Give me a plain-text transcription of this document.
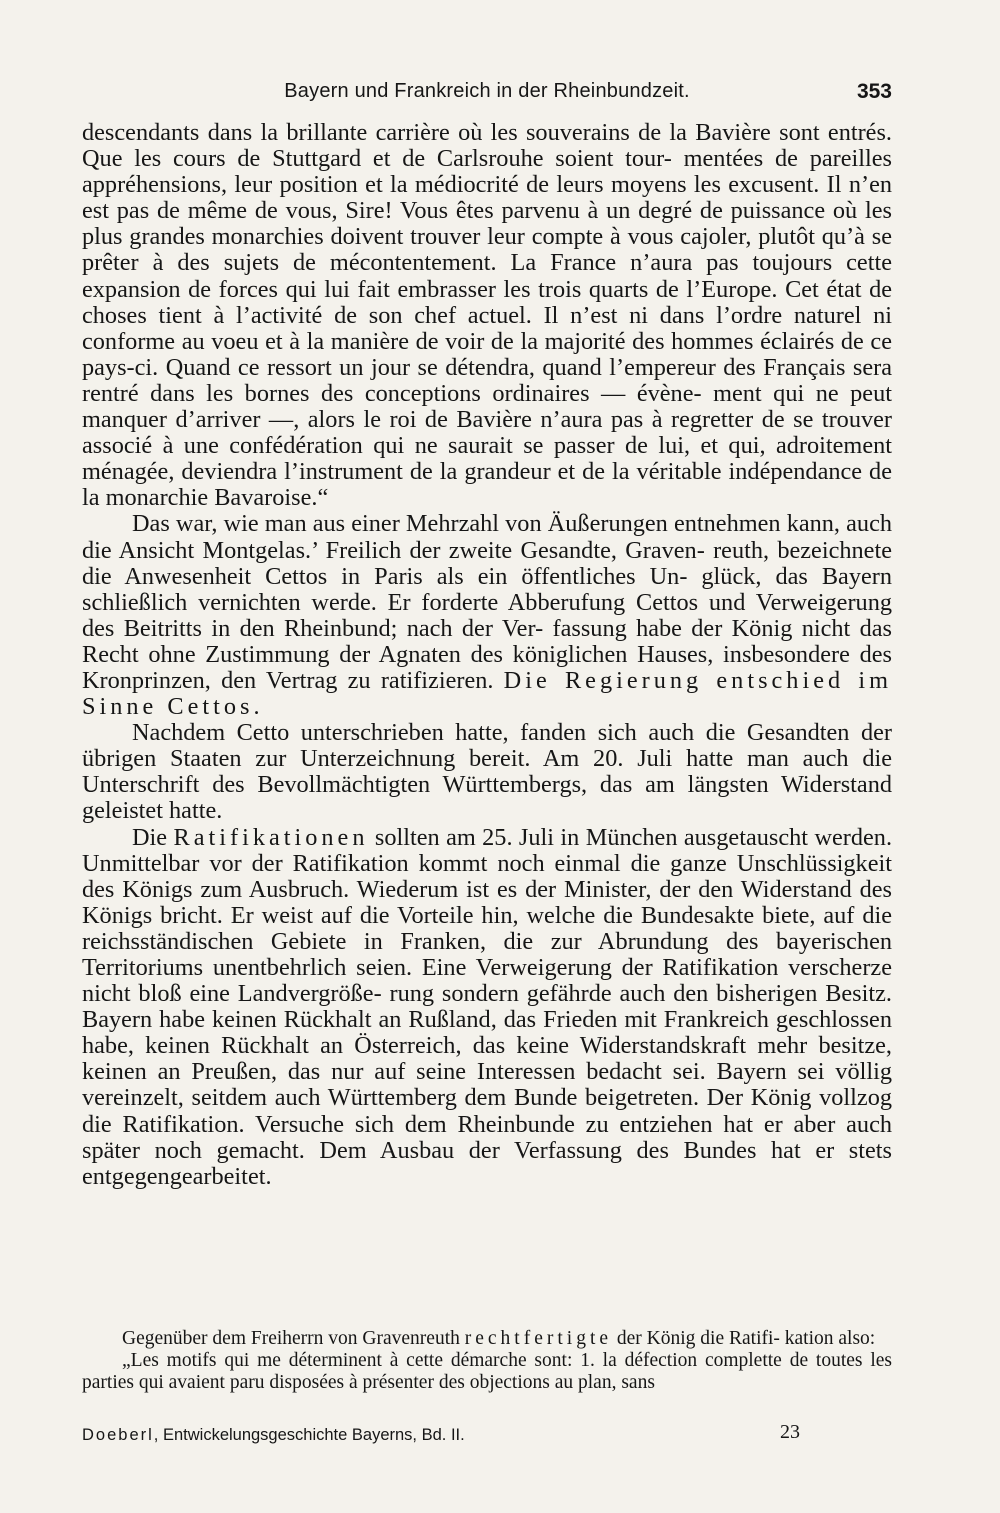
Bayern und Frankreich in der Rheinbundzeit.	353

descendants dans la brillante carrière où les souverains de la Bavière sont entrés. Que les cours de Stuttgard et de Carlsrouhe soient tour- mentées de pareilles appréhensions, leur position et la médiocrité de leurs moyens les excusent. Il n’en est pas de même de vous, Sire! Vous êtes parvenu à un degré de puissance où les plus grandes monarchies doivent trouver leur compte à vous cajoler, plutôt qu’à se prêter à des sujets de mécontentement. La France n’aura pas toujours cette expansion de forces qui lui fait embrasser les trois quarts de l’Europe. Cet état de choses tient à l’activité de son chef actuel. Il n’est ni dans l’ordre naturel ni conforme au voeu et à la manière de voir de la majorité des hommes éclairés de ce pays-ci. Quand ce ressort un jour se détendra, quand l’empereur des Français sera rentré dans les bornes des conceptions ordinaires — évène- ment qui ne peut manquer d’arriver —, alors le roi de Bavière n’aura pas à regretter de se trouver associé à une confédération qui ne saurait se passer de lui, et qui, adroitement ménagée, deviendra l’instrument de la grandeur et de la véritable indépendance de la monarchie Bavaroise.“

Das war, wie man aus einer Mehrzahl von Äußerungen entnehmen kann, auch die Ansicht Montgelas.’ Freilich der zweite Gesandte, Graven- reuth, bezeichnete die Anwesenheit Cettos in Paris als ein öffentliches Un- glück, das Bayern schließlich vernichten werde. Er forderte Abberufung Cettos und Verweigerung des Beitritts in den Rheinbund; nach der Ver- fassung habe der König nicht das Recht ohne Zustimmung der Agnaten des königlichen Hauses, insbesondere des Kronprinzen, den Vertrag zu ratifizieren. Die Regierung entschied im Sinne Cettos.

Nachdem Cetto unterschrieben hatte, fanden sich auch die Gesandten der übrigen Staaten zur Unterzeichnung bereit. Am 20. Juli hatte man auch die Unterschrift des Bevollmächtigten Württembergs, das am längsten Widerstand geleistet hatte.

Die Ratifikationen sollten am 25. Juli in München ausgetauscht werden. Unmittelbar vor der Ratifikation kommt noch einmal die ganze Unschlüssigkeit des Königs zum Ausbruch. Wiederum ist es der Minister, der den Widerstand des Königs bricht. Er weist auf die Vorteile hin, welche die Bundesakte biete, auf die reichsständischen Gebiete in Franken, die zur Abrundung des bayerischen Territoriums unentbehrlich seien. Eine Verweigerung der Ratifikation verscherze nicht bloß eine Landvergröße- rung sondern gefährde auch den bisherigen Besitz. Bayern habe keinen Rückhalt an Rußland, das Frieden mit Frankreich geschlossen habe, keinen Rückhalt an Österreich, das keine Widerstandskraft mehr besitze, keinen an Preußen, das nur auf seine Interessen bedacht sei. Bayern sei völlig vereinzelt, seitdem auch Württemberg dem Bunde beigetreten. Der König vollzog die Ratifikation. Versuche sich dem Rheinbunde zu entziehen hat er aber auch später noch gemacht. Dem Ausbau der Verfassung des Bundes hat er stets entgegengearbeitet.

Gegenüber dem Freiherrn von Gravenreuth rechtfertigte der König die Ratifi- kation also:

„Les motifs qui me déterminent à cette démarche sont: 1. la défection complette de toutes les parties qui avaient paru disposées à présenter des objections au plan, sans

Doeberl, Entwickelungsgeschichte Bayerns, Bd. II.	23
